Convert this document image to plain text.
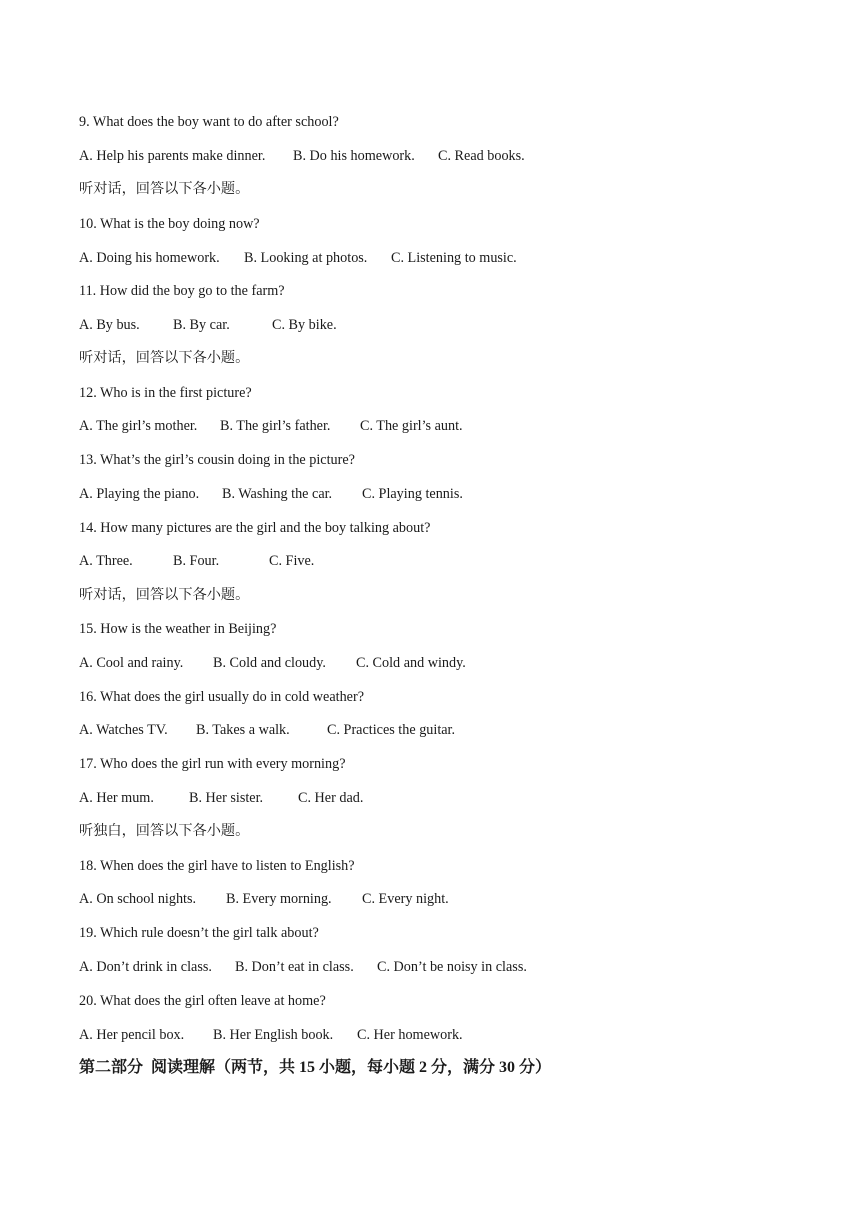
9. What does the boy want to do after school?

A. Help his parents make dinner. B. Do his homework. C. Read books.

听对话，回答以下各小题。

10. What is the boy doing now?

A. Doing his homework. B. Looking at photos. C. Listening to music.

11. How did the boy go to the farm?

A. By bus. B. By car.	C. By bike.

听对话，回答以下各小题。

12. Who is in the first picture?

A. The girl’s mother. B. The girl’s father. C. The girl’s aunt.

13. What’s the girl’s cousin doing in the picture?

A. Playing the piano. B. Washing the car. C. Playing tennis.

14. How many pictures are the girl and the boy talking about?

A. Three.	B. Four.	C. Five.

听对话，回答以下各小题。

15. How is the weather in Beijing?

A. Cool and rainy. B. Cold and cloudy. C. Cold and windy.

16. What does the girl usually do in cold weather?

A. Watches TV. B. Takes a walk.	C. Practices the guitar.

17. Who does the girl run with every morning?

A. Her mum. B. Her sister. C. Her dad.

听独白，回答以下各小题。

18. When does the girl have to listen to English?

A. On school nights. B. Every morning. C. Every night.

19. Which rule doesn’t the girl talk about?

A. Don’t drink in class. B. Don’t eat in class. C. Don’t be noisy in class.

20. What does the girl often leave at home?

A. Her pencil box. B. Her English book. C. Her homework.

第二部分  阅读理解（两节，共 15 小题，每小题 2 分，满分 30 分）
